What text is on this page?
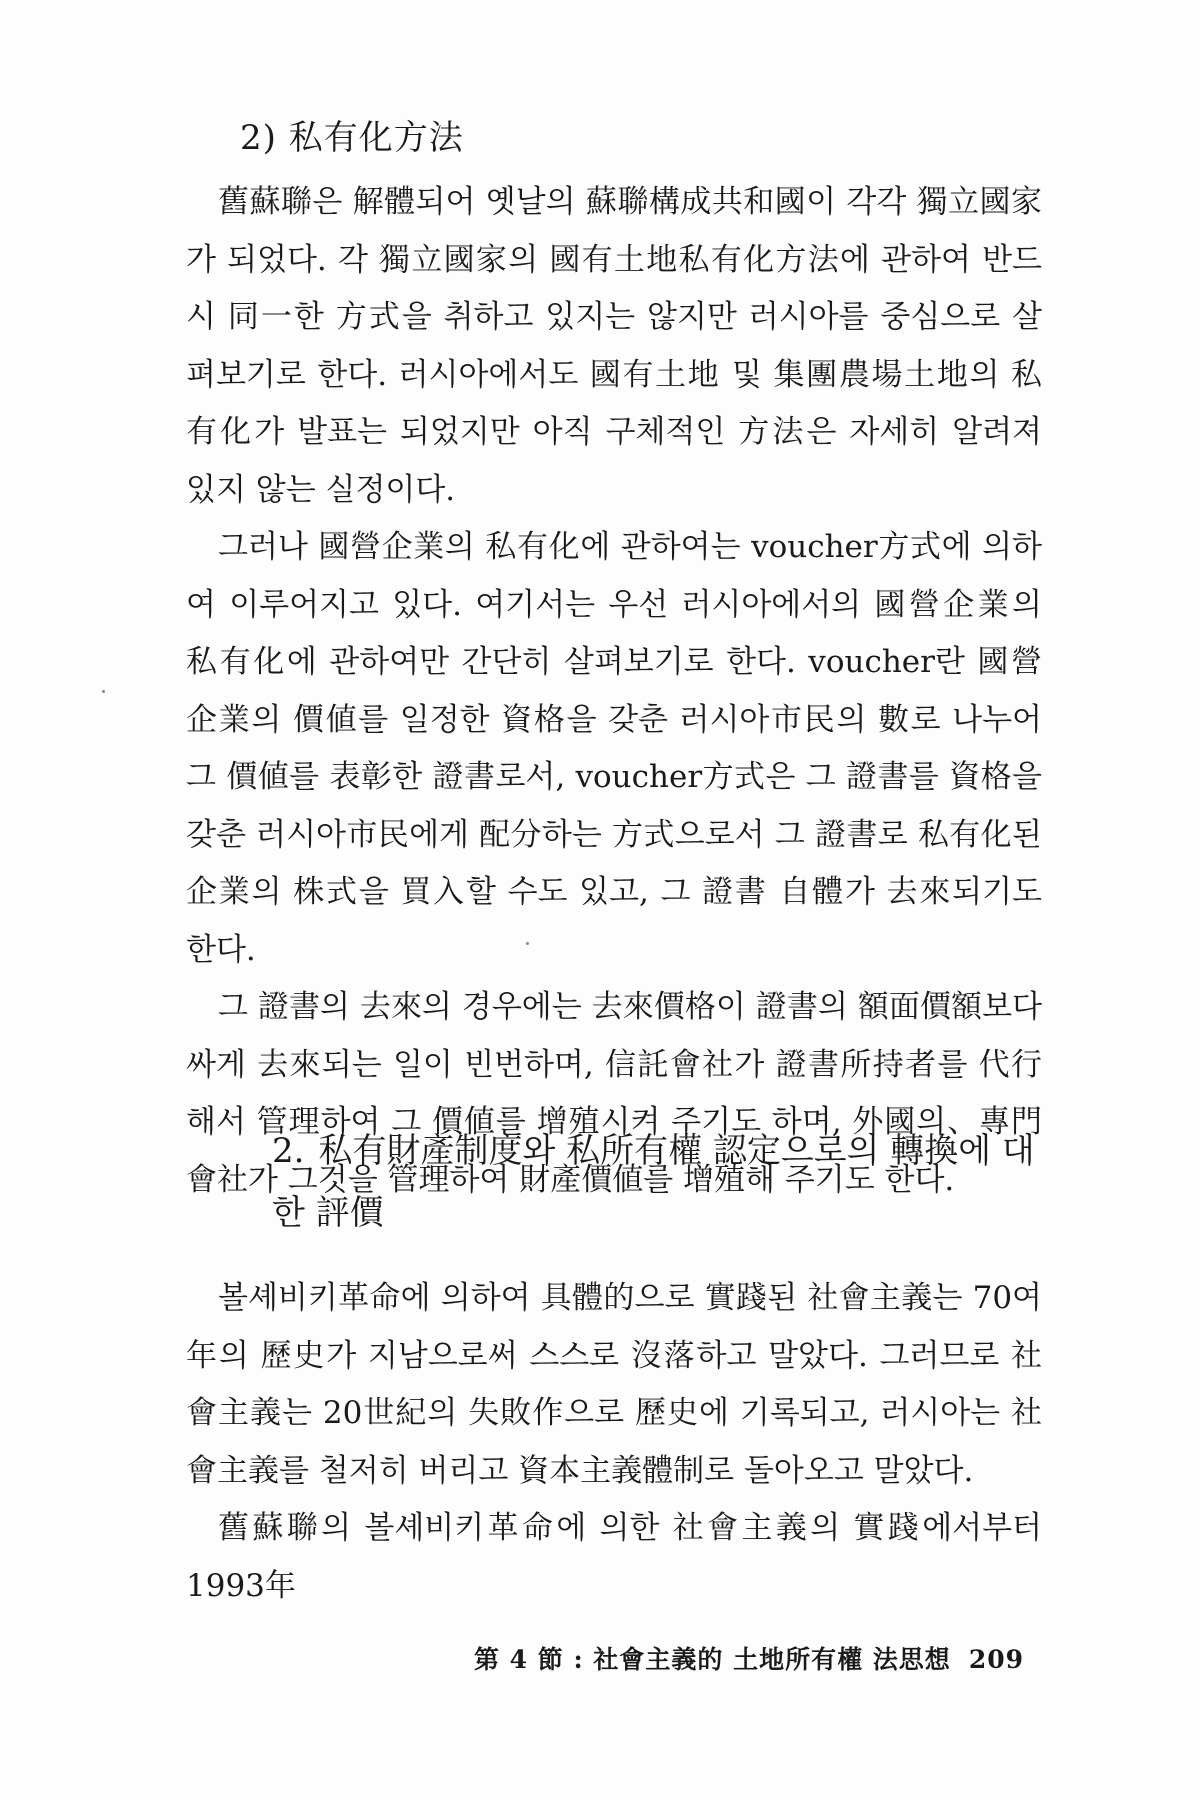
2) 私有化方法

舊蘇聯은 解體되어 옛날의 蘇聯構成共和國이 각각 獨立國家가 되었다. 각 獨立國家의 國有土地私有化方法에 관하여 반드시 同一한 方式을 취하고 있지는 않지만 러시아를 중심으로 살펴보기로 한다. 러시아에서도 國有土地 및 集團農場土地의 私有化가 발표는 되었지만 아직 구체적인 方法은 자세히 알려져 있지 않는 실정이다.

그러나 國營企業의 私有化에 관하여는 voucher方式에 의하여 이루어지고 있다. 여기서는 우선 러시아에서의 國營企業의 私有化에 관하여만 간단히 살펴보기로 한다. voucher란 國營企業의 價値를 일정한 資格을 갖춘 러시아市民의 數로 나누어 그 價値를 表彰한 證書로서, voucher方式은 그 證書를 資格을 갖춘 러시아市民에게 配分하는 方式으로서 그 證書로 私有化된 企業의 株式을 買入할 수도 있고, 그 證書 自體가 去來되기도 한다.

그 證書의 去來의 경우에는 去來價格이 證書의 額面價額보다 싸게 去來되는 일이 빈번하며, 信託會社가 證書所持者를 代行해서 管理하여 그 價値를 增殖시켜 주기도 하며, 外國의、專門會社가 그것을 管理하여 財產價値를 增殖해 주기도 한다.

2. 私有財產制度와 私所有權 認定으로의 轉換에 대한 評價

볼셰비키革命에 의하여 具體的으로 實踐된 社會主義는 70여年의 歷史가 지남으로써 스스로 沒落하고 말았다. 그러므로 社會主義는 20世紀의 失敗作으로 歷史에 기록되고, 러시아는 社會主義를 철저히 버리고 資本主義體制로 돌아오고 말았다.

舊蘇聯의 볼셰비키革命에 의한 社會主義의 實踐에서부터 1993年

第 4 節 : 社會主義的 土地所有權 法思想 209
